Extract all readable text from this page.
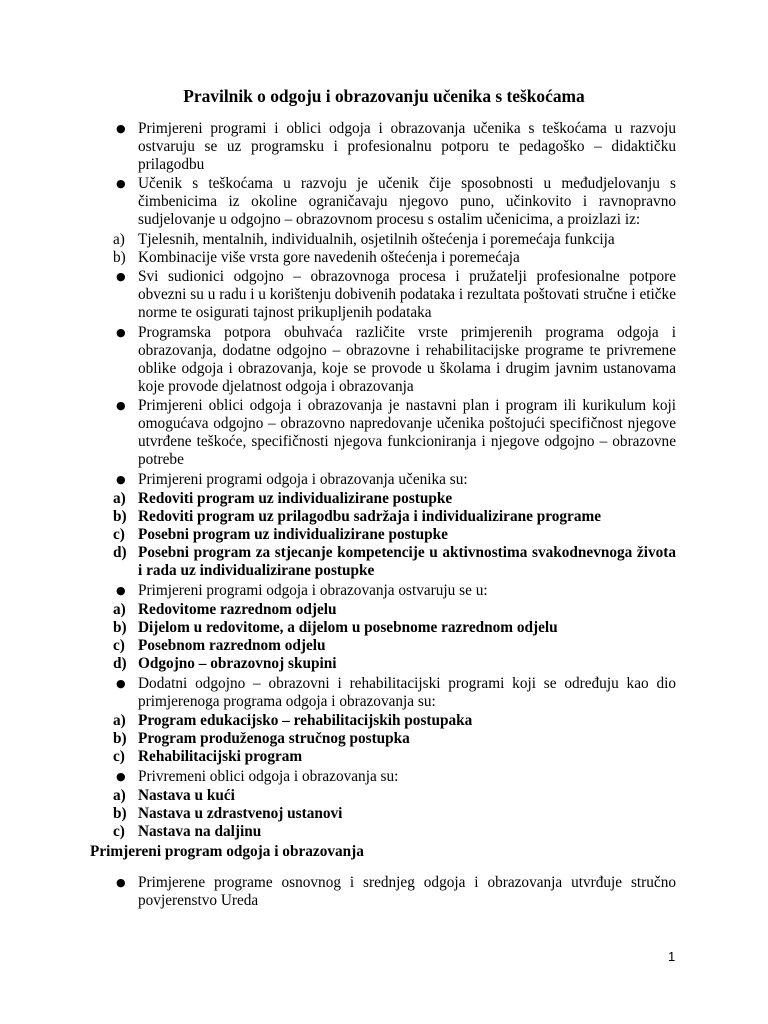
Pravilnik o odgoju i obrazovanju učenika s teškoćama
● Primjereni programi i oblici odgoja i obrazovanja učenika s teškoćama u razvoju ostvaruju se uz programsku i profesionalnu potporu te pedagoško – didaktičku prilagodbu
● Učenik s teškoćama u razvoju je učenik čije sposobnosti u međudjelovanju s čimbenicima iz okoline ograničavaju njegovo puno, učinkovito i ravnopravno sudjelovanje u odgojno – obrazovnom procesu s ostalim učenicima, a proizlazi iz:
a) Tjelesnih, mentalnih, individualnih, osjetilnih oštećenja i poremećaja funkcija
b) Kombinacije više vrsta gore navedenih oštećenja i poremećaja
● Svi sudionici odgojno – obrazovnoga procesa i pružatelji profesionalne potpore obvezni su u radu i u korištenju dobivenih podataka i rezultata poštovati stručne i etičke norme te osigurati tajnost prikupljenih podataka
● Programska potpora obuhvaća različite vrste primjerenih programa odgoja i obrazovanja, dodatne odgojno – obrazovne i rehabilitacijske programe te privremene oblike odgoja i obrazovanja, koje se provode u školama i drugim javnim ustanovama koje provode djelatnost odgoja i obrazovanja
● Primjereni oblici odgoja i obrazovanja je nastavni plan i program ili kurikulum koji omogućava odgojno – obrazovno napredovanje učenika poštojući specifičnost njegove utvrđene teškoće, specifičnosti njegova funkcioniranja i njegove odgojno – obrazovne potrebe
● Primjereni programi odgoja i obrazovanja učenika su:
a) Redoviti program uz individualizirane postupke
b) Redoviti program uz prilagodbu sadržaja i individualizirane programe
c) Posebni program uz individualizirane postupke
d) Posebni program za stjecanje kompetencije u aktivnostima svakodnevnoga života i rada uz individualizirane postupke
● Primjereni programi odgoja i obrazovanja ostvaruju se u:
a) Redovitome razrednom odjelu
b) Dijelom u redovitome, a dijelom u posebnome razrednom odjelu
c) Posebnom razrednom odjelu
d) Odgojno – obrazovnoj skupini
● Dodatni odgojno – obrazovni i rehabilitacijski programi koji se određuju kao dio primjerenoga programa odgoja i obrazovanja su:
a) Program edukacijsko – rehabilitacijskih postupaka
b) Program produženoga stručnog postupka
c) Rehabilitacijski program
● Privremeni oblici odgoja i obrazovanja su:
a) Nastava u kući
b) Nastava u zdrastvenoj ustanovi
c) Nastava na daljinu
Primjereni program odgoja i obrazovanja
● Primjerene programe osnovnog i srednjeg odgoja i obrazovanja utvrđuje stručno povjerenstvo Ureda
1
